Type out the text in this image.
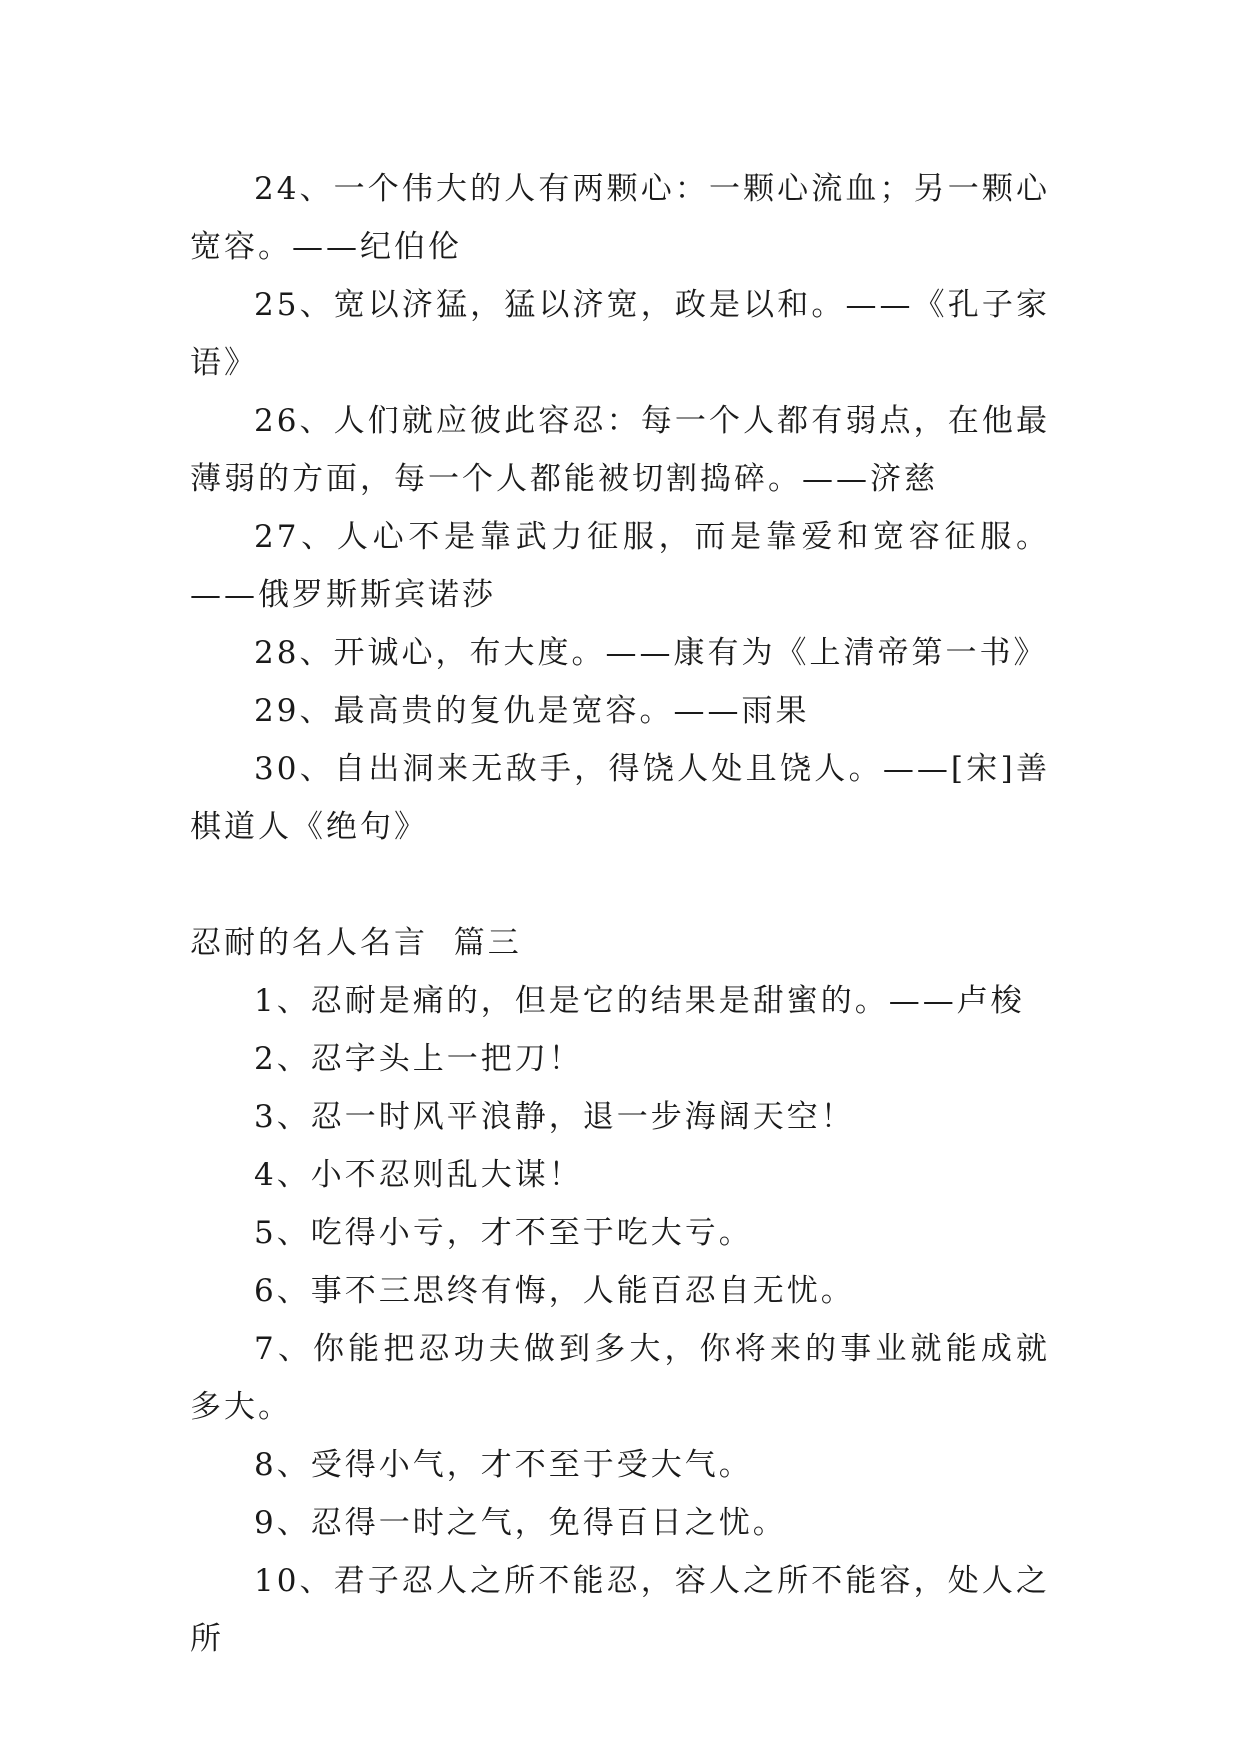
24、一个伟大的人有两颗心：一颗心流血；另一颗心宽容。——纪伯伦

25、宽以济猛，猛以济宽，政是以和。——《孔子家语》

26、人们就应彼此容忍：每一个人都有弱点，在他最薄弱的方面，每一个人都能被切割捣碎。——济慈

27、人心不是靠武力征服，而是靠爱和宽容征服。——俄罗斯斯宾诺莎

28、开诚心，布大度。——康有为《上清帝第一书》

29、最高贵的复仇是宽容。——雨果

30、自出洞来无敌手，得饶人处且饶人。——[宋]善棋道人《绝句》

忍耐的名人名言  篇三

1、忍耐是痛的，但是它的结果是甜蜜的。——卢梭

2、忍字头上一把刀！

3、忍一时风平浪静，退一步海阔天空！

4、小不忍则乱大谋！

5、吃得小亏，才不至于吃大亏。

6、事不三思终有悔，人能百忍自无忧。

7、你能把忍功夫做到多大，你将来的事业就能成就多大。

8、受得小气，才不至于受大气。

9、忍得一时之气，免得百日之忧。

10、君子忍人之所不能忍，容人之所不能容，处人之所
